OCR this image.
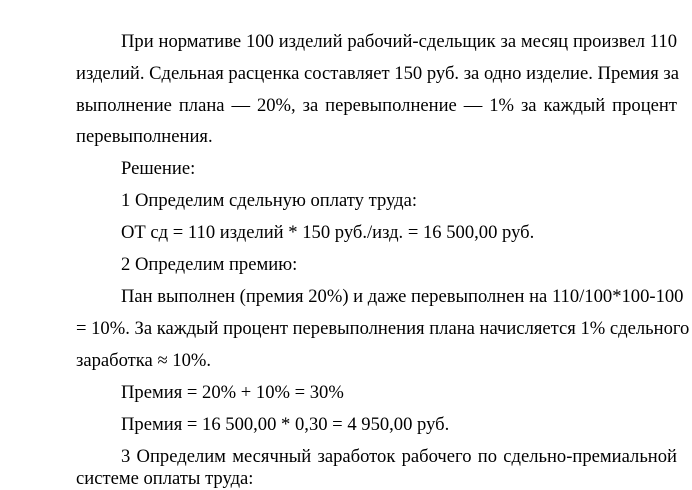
При нормативе 100 изделий рабочий-сдельщик за месяц произвел 110
изделий. Сдельная расценка составляет 150 руб. за одно изделие. Премия за
выполнение плана — 20%, за перевыполнение — 1% за каждый процент
перевыполнения.
Решение:
1 Определим сдельную оплату труда:
ОТ сд = 110 изделий * 150 руб./изд. = 16 500,00 руб.
2 Определим премию:
Пан выполнен (премия 20%) и даже перевыполнен на 110/100*100-100
= 10%. За каждый процент перевыполнения плана начисляется 1% сдельного
заработка ≈ 10%.
Премия = 20% + 10% = 30%
Премия = 16 500,00 * 0,30 = 4 950,00 руб.
3 Определим месячный заработок рабочего по сдельно-премиальной
системе оплаты труда:
